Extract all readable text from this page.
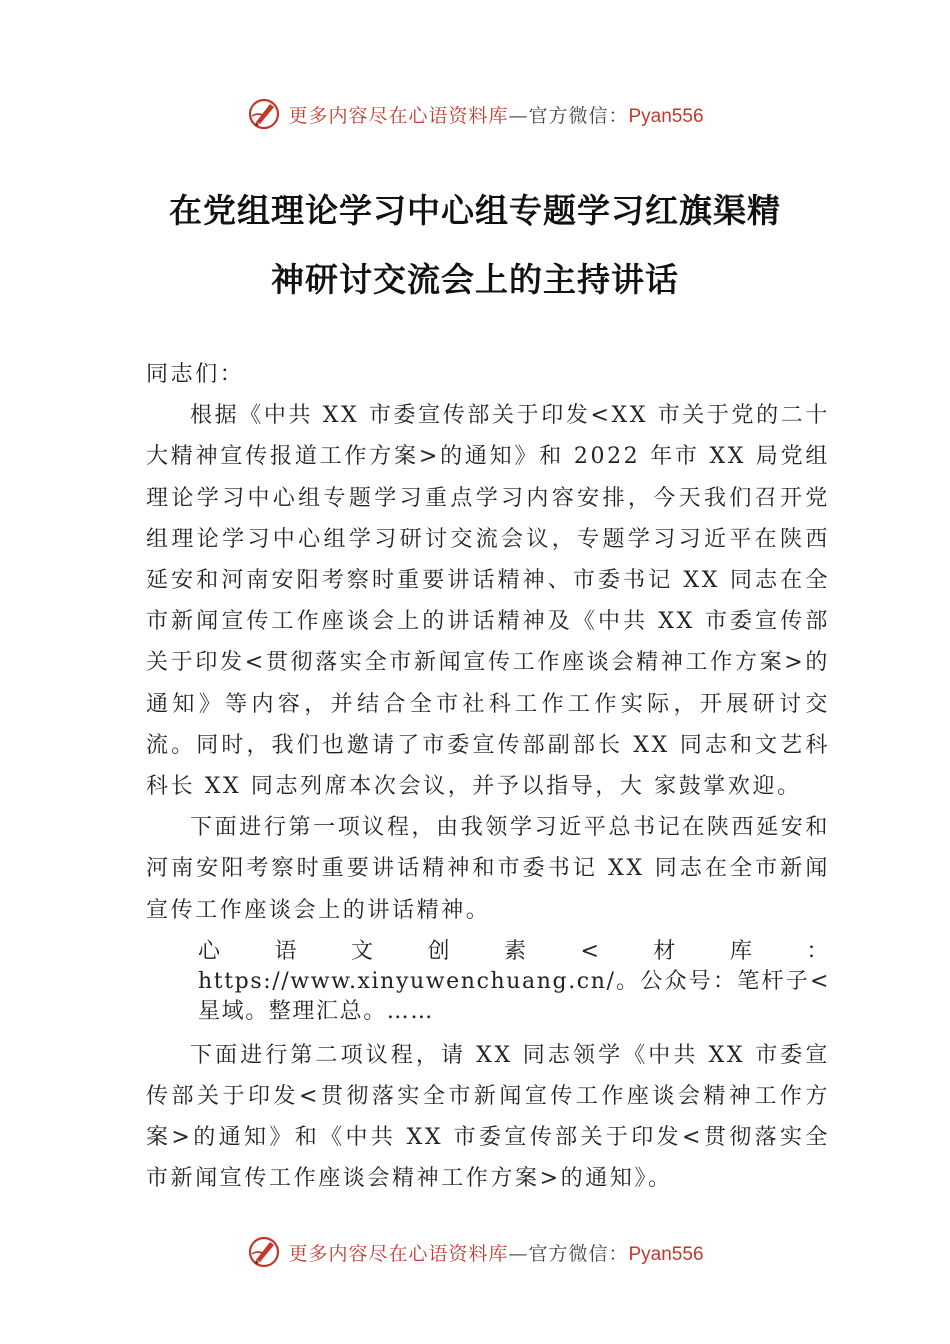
更多内容尽在心语资料库—官方微信：Pyan556
在党组理论学习中心组专题学习红旗渠精
神研讨交流会上的主持讲话

同志们：

根据《中共 XX 市委宣传部关于印发<XX 市关于党的二十大精神宣传报道工作方案>的通知》和 2022 年市 XX 局党组理论学习中心组专题学习重点学习内容安排，今天我们召开党组理论学习中心组学习研讨交流会议，专题学习习近平在陕西延安和河南安阳考察时重要讲话精神、市委书记 XX 同志在全市新闻宣传工作座谈会上的讲话精神及《中共 XX 市委宣传部关于印发<贯彻落实全市新闻宣传工作座谈会精神工作方案>的通知》等内容，并结合全市社科工作工作实际，开展研讨交流。同时，我们也邀请了市委宣传部副部长 XX 同志和文艺科科长 XX 同志列席本次会议，并予以指导，大 家鼓掌欢迎。

下面进行第一项议程，由我领学习近平总书记在陕西延安和河南安阳考察时重要讲话精神和市委书记 XX 同志在全市新闻宣传工作座谈会上的讲话精神。

心语文创素<材库：https://www.xinyuwenchuang.cn/。公众号：笔杆子<星域。整理汇总。……

下面进行第二项议程，请 XX 同志领学《中共 XX 市委宣传部关于印发<贯彻落实全市新闻宣传工作座谈会精神工作方案>的通知》和《中共 XX 市委宣传部关于印发<贯彻落实全市新闻宣传工作座谈会精神工作方案>的通知》。

更多内容尽在心语资料库—官方微信：Pyan556
